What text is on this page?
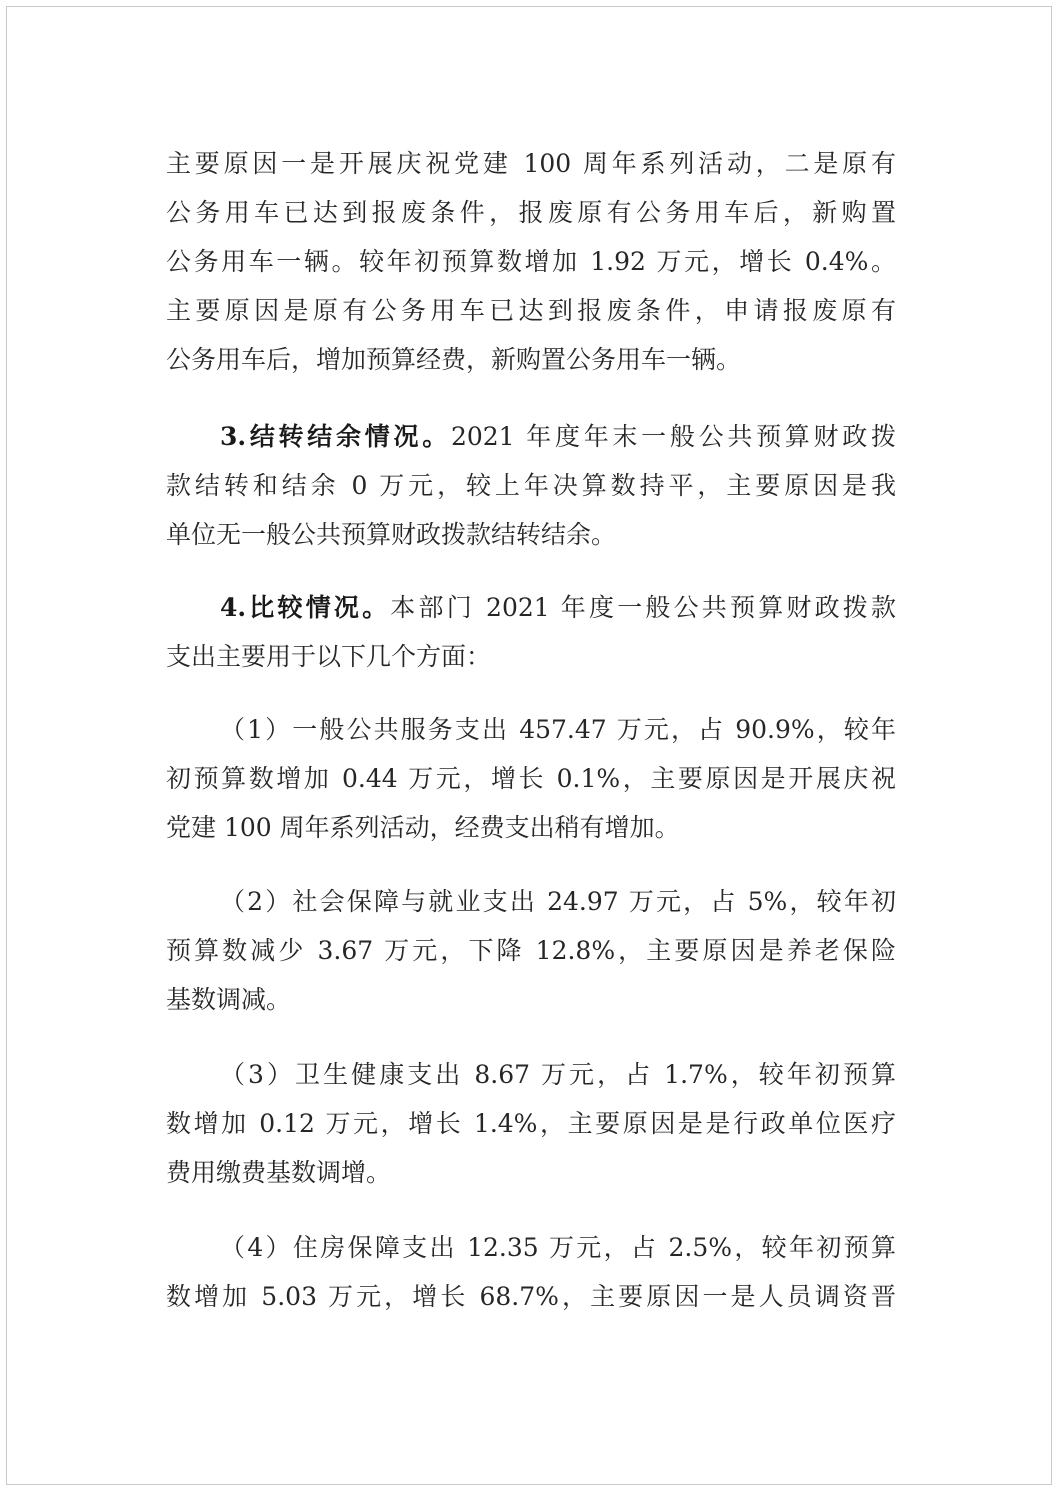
主要原因一是开展庆祝党建 100 周年系列活动，二是原有
公务用车已达到报废条件，报废原有公务用车后，新购置
公务用车一辆。较年初预算数增加 1.92 万元，增长 0.4%。
主要原因是原有公务用车已达到报废条件，申请报废原有
公务用车后，增加预算经费，新购置公务用车一辆。
3.结转结余情况。2021 年度年末一般公共预算财政拨
款结转和结余 0 万元，较上年决算数持平，主要原因是我
单位无一般公共预算财政拨款结转结余。
4.比较情况。本部门 2021 年度一般公共预算财政拨款
支出主要用于以下几个方面：
（1）一般公共服务支出 457.47 万元，占 90.9%，较年
初预算数增加 0.44 万元，增长 0.1%，主要原因是开展庆祝
党建 100 周年系列活动，经费支出稍有增加。
（2）社会保障与就业支出 24.97 万元，占 5%，较年初
预算数减少 3.67 万元，下降 12.8%，主要原因是养老保险
基数调减。
（3）卫生健康支出 8.67 万元，占 1.7%，较年初预算
数增加 0.12 万元，增长 1.4%，主要原因是是行政单位医疗
费用缴费基数调增。
（4）住房保障支出 12.35 万元，占 2.5%，较年初预算
数增加 5.03 万元，增长 68.7%，主要原因一是人员调资晋
